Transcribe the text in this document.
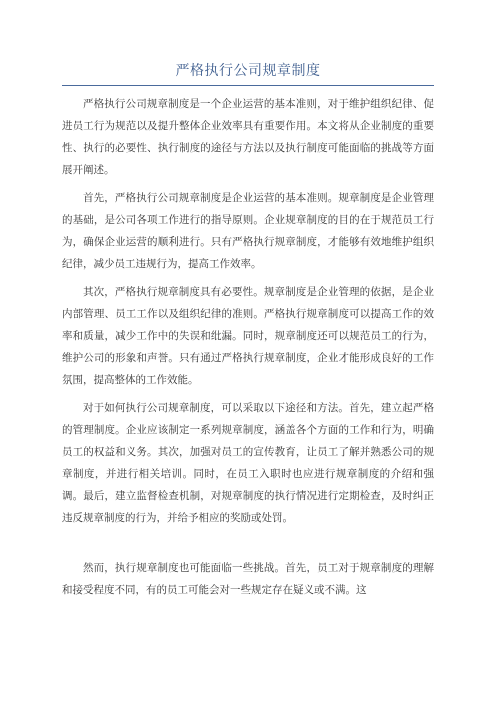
严格执行公司规章制度

严格执行公司规章制度是一个企业运营的基本准则，对于维护组织纪律、促进员工行为规范以及提升整体企业效率具有重要作用。本文将从企业制度的重要性、执行的必要性、执行制度的途径与方法以及执行制度可能面临的挑战等方面展开阐述。

首先，严格执行公司规章制度是企业运营的基本准则。规章制度是企业管理的基础，是公司各项工作进行的指导原则。企业规章制度的目的在于规范员工行为，确保企业运营的顺利进行。只有严格执行规章制度，才能够有效地维护组织纪律，减少员工违规行为，提高工作效率。

其次，严格执行规章制度具有必要性。规章制度是企业管理的依据，是企业内部管理、员工工作以及组织纪律的准则。严格执行规章制度可以提高工作的效率和质量，减少工作中的失误和纰漏。同时，规章制度还可以规范员工的行为，维护公司的形象和声誉。只有通过严格执行规章制度，企业才能形成良好的工作氛围，提高整体的工作效能。

对于如何执行公司规章制度，可以采取以下途径和方法。首先，建立起严格的管理制度。企业应该制定一系列规章制度，涵盖各个方面的工作和行为，明确员工的权益和义务。其次，加强对员工的宣传教育，让员工了解并熟悉公司的规章制度，并进行相关培训。同时，在员工入职时也应进行规章制度的介绍和强调。最后，建立监督检查机制，对规章制度的执行情况进行定期检查，及时纠正违反规章制度的行为，并给予相应的奖励或处罚。

然而，执行规章制度也可能面临一些挑战。首先，员工对于规章制度的理解和接受程度不同，有的员工可能会对一些规定存在疑义或不满。这
